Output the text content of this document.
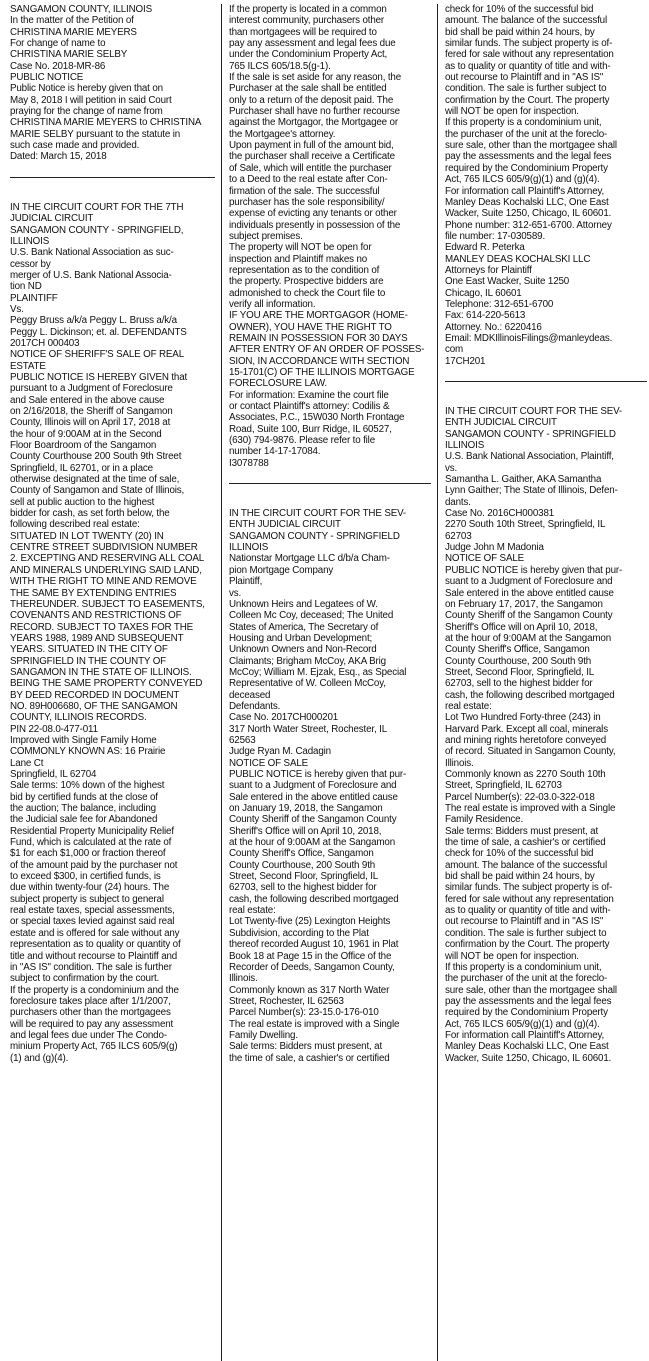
SANGAMON COUNTY, ILLINOIS
In the matter of the Petition of
CHRISTINA MARIE MEYERS
For change of name to
CHRISTINA MARIE SELBY
Case No. 2018-MR-86
PUBLIC NOTICE
Public Notice is hereby given that on
May 8, 2018 I will petition in said Court
praying for the change of name from
CHRISTINA MARIE MEYERS to CHRISTINA
MARIE SELBY pursuant to the statute in
such case made and provided.
Dated: March 15, 2018
IN THE CIRCUIT COURT FOR THE 7TH
JUDICIAL CIRCUIT
SANGAMON COUNTY - SPRINGFIELD,
ILLINOIS
U.S. Bank National Association as suc-
cessor by
merger of U.S. Bank National Associa-
tion ND
PLAINTIFF
Vs.
Peggy Bruss a/k/a Peggy L. Bruss a/k/a
Peggy L. Dickinson; et. al. DEFENDANTS
2017CH 000403
NOTICE OF SHERIFF'S SALE OF REAL
ESTATE
PUBLIC NOTICE IS HEREBY GIVEN that
pursuant to a Judgment of Foreclosure
and Sale entered in the above cause
on 2/16/2018, the Sheriff of Sangamon
County, Illinois will on April 17, 2018 at
the hour of 9:00AM at in the Second
Floor Boardroom of the Sangamon
County Courthouse 200 South 9th Street
Springfield, IL 62701, or in a place
otherwise designated at the time of sale,
County of Sangamon and State of Illinois,
sell at public auction to the highest
bidder for cash, as set forth below, the
following described real estate:
SITUATED IN LOT TWENTY (20) IN
CENTRE STREET SUBDIVISION NUMBER
2. EXCEPTING AND RESERVING ALL COAL
AND MINERALS UNDERLYING SAID LAND,
WITH THE RIGHT TO MINE AND REMOVE
THE SAME BY EXTENDING ENTRIES
THEREUNDER. SUBJECT TO EASEMENTS,
COVENANTS AND RESTRICTIONS OF
RECORD. SUBJECT TO TAXES FOR THE
YEARS 1988, 1989 AND SUBSEQUENT
YEARS. SITUATED IN THE CITY OF
SPRINGFIELD IN THE COUNTY OF
SANGAMON IN THE STATE OF ILLINOIS.
BEING THE SAME PROPERTY CONVEYED
BY DEED RECORDED IN DOCUMENT
NO. 89H006680, OF THE SANGAMON
COUNTY, ILLINOIS RECORDS.
PIN 22-08.0-477-011
Improved with Single Family Home
COMMONLY KNOWN AS: 16 Prairie
Lane Ct
Springfield, IL 62704
Sale terms: 10% down of the highest
bid by certified funds at the close of
the auction; The balance, including
the Judicial sale fee for Abandoned
Residential Property Municipality Relief
Fund, which is calculated at the rate of
$1 for each $1,000 or fraction thereof
of the amount paid by the purchaser not
to exceed $300, in certified funds, is
due within twenty-four (24) hours. The
subject property is subject to general
real estate taxes, special assessments,
or special taxes levied against said real
estate and is offered for sale without any
representation as to quality or quantity of
title and without recourse to Plaintiff and
in "AS IS" condition. The sale is further
subject to confirmation by the court.
If the property is a condominium and the
foreclosure takes place after 1/1/2007,
purchasers other than the mortgagees
will be required to pay any assessment
and legal fees due under The Condo-
minium Property Act, 765 ILCS 605/9(g)
(1) and (g)(4).
If the property is located in a common
interest community, purchasers other
than mortgagees will be required to
pay any assessment and legal fees due
under the Condominium Property Act,
765 ILCS 605/18.5(g-1).
If the sale is set aside for any reason, the
Purchaser at the sale shall be entitled
only to a return of the deposit paid. The
Purchaser shall have no further recourse
against the Mortgagor, the Mortgagee or
the Mortgagee's attorney.
Upon payment in full of the amount bid,
the purchaser shall receive a Certificate
of Sale, which will entitle the purchaser
to a Deed to the real estate after Con-
firmation of the sale. The successful
purchaser has the sole responsibility/
expense of evicting any tenants or other
individuals presently in possession of the
subject premises.
The property will NOT be open for
inspection and Plaintiff makes no
representation as to the condition of
the property. Prospective bidders are
admonished to check the Court file to
verify all information.
IF YOU ARE THE MORTGAGOR (HOME-
OWNER), YOU HAVE THE RIGHT TO
REMAIN IN POSSESSION FOR 30 DAYS
AFTER ENTRY OF AN ORDER OF POSSES-
SION, IN ACCORDANCE WITH SECTION
15-1701(C) OF THE ILLINOIS MORTGAGE
FORECLOSURE LAW.
For information: Examine the court file
or contact Plaintiff's attorney: Codilis &
Associates, P.C., 15W030 North Frontage
Road, Suite 100, Burr Ridge, IL 60527,
(630) 794-9876. Please refer to file
number 14-17-17084.
I3078788
IN THE CIRCUIT COURT FOR THE SEV-
ENTH JUDICIAL CIRCUIT
SANGAMON COUNTY - SPRINGFIELD
ILLINOIS
Nationstar Mortgage LLC d/b/a Cham-
pion Mortgage Company
Plaintiff,
vs.
Unknown Heirs and Legatees of W.
Colleen Mc Coy, deceased; The United
States of America, The Secretary of
Housing and Urban Development;
Unknown Owners and Non-Record
Claimants; Brigham McCoy, AKA Brig
McCoy; William M. Ejzak, Esq., as Special
Representative of W. Colleen McCoy,
deceased
Defendants.
Case No. 2017CH000201
317 North Water Street, Rochester, IL
62563
Judge Ryan M. Cadagin
NOTICE OF SALE
PUBLIC NOTICE is hereby given that pur-
suant to a Judgment of Foreclosure and
Sale entered in the above entitled cause
on January 19, 2018, the Sangamon
County Sheriff of the Sangamon County
Sheriff's Office will on April 10, 2018,
at the hour of 9:00AM at the Sangamon
County Sheriff's Office, Sangamon
County Courthouse, 200 South 9th
Street, Second Floor, Springfield, IL
62703, sell to the highest bidder for
cash, the following described mortgaged
real estate:
Lot Twenty-five (25) Lexington Heights
Subdivision, according to the Plat
thereof recorded August 10, 1961 in Plat
Book 18 at Page 15 in the Office of the
Recorder of Deeds, Sangamon County,
Illinois.
Commonly known as 317 North Water
Street, Rochester, IL 62563
Parcel Number(s): 23-15.0-176-010
The real estate is improved with a Single
Family Dwelling.
Sale terms: Bidders must present, at
the time of sale, a cashier's or certified
check for 10% of the successful bid
amount. The balance of the successful
bid shall be paid within 24 hours, by
similar funds. The subject property is of-
fered for sale without any representation
as to quality or quantity of title and with-
out recourse to Plaintiff and in "AS IS"
condition. The sale is further subject to
confirmation by the Court. The property
will NOT be open for inspection.
If this property is a condominium unit,
the purchaser of the unit at the foreclo-
sure sale, other than the mortgagee shall
pay the assessments and the legal fees
required by the Condominium Property
Act, 765 ILCS 605/9(g)(1) and (g)(4).
For information call Plaintiff's Attorney,
Manley Deas Kochalski LLC, One East
Wacker, Suite 1250, Chicago, IL 60601.
Phone number: 312-651-6700. Attorney
file number: 17-030589.
Edward R. Peterka
MANLEY DEAS KOCHALSKI LLC
Attorneys for Plaintiff
One East Wacker, Suite 1250
Chicago, IL 60601
Telephone: 312-651-6700
Fax: 614-220-5613
Attorney. No.: 6220416
Email: MDKIllinoisFilings@manleydeas.
com
17CH201
IN THE CIRCUIT COURT FOR THE SEV-
ENTH JUDICIAL CIRCUIT
SANGAMON COUNTY - SPRINGFIELD
ILLINOIS
U.S. Bank National Association, Plaintiff,
vs.
Samantha L. Gaither, AKA Samantha
Lynn Gaither; The State of Illinois, Defen-
dants.
Case No. 2016CH000381
2270 South 10th Street, Springfield, IL
62703
Judge John M Madonia
NOTICE OF SALE
PUBLIC NOTICE is hereby given that pur-
suant to a Judgment of Foreclosure and
Sale entered in the above entitled cause
on February 17, 2017, the Sangamon
County Sheriff of the Sangamon County
Sheriff's Office will on April 10, 2018,
at the hour of 9:00AM at the Sangamon
County Sheriff's Office, Sangamon
County Courthouse, 200 South 9th
Street, Second Floor, Springfield, IL
62703, sell to the highest bidder for
cash, the following described mortgaged
real estate:
Lot Two Hundred Forty-three (243) in
Harvard Park. Except all coal, minerals
and mining rights heretofore conveyed
of record. Situated in Sangamon County,
Illinois.
Commonly known as 2270 South 10th
Street, Springfield, IL 62703
Parcel Number(s): 22-03.0-322-018
The real estate is improved with a Single
Family Residence.
Sale terms: Bidders must present, at
the time of sale, a cashier's or certified
check for 10% of the successful bid
amount. The balance of the successful
bid shall be paid within 24 hours, by
similar funds. The subject property is of-
fered for sale without any representation
as to quality or quantity of title and with-
out recourse to Plaintiff and in "AS IS"
condition. The sale is further subject to
confirmation by the Court. The property
will NOT be open for inspection.
If this property is a condominium unit,
the purchaser of the unit at the foreclo-
sure sale, other than the mortgagee shall
pay the assessments and the legal fees
required by the Condominium Property
Act, 765 ILCS 605/9(g)(1) and (g)(4).
For information call Plaintiff's Attorney,
Manley Deas Kochalski LLC, One East
Wacker, Suite 1250, Chicago, IL 60601.
